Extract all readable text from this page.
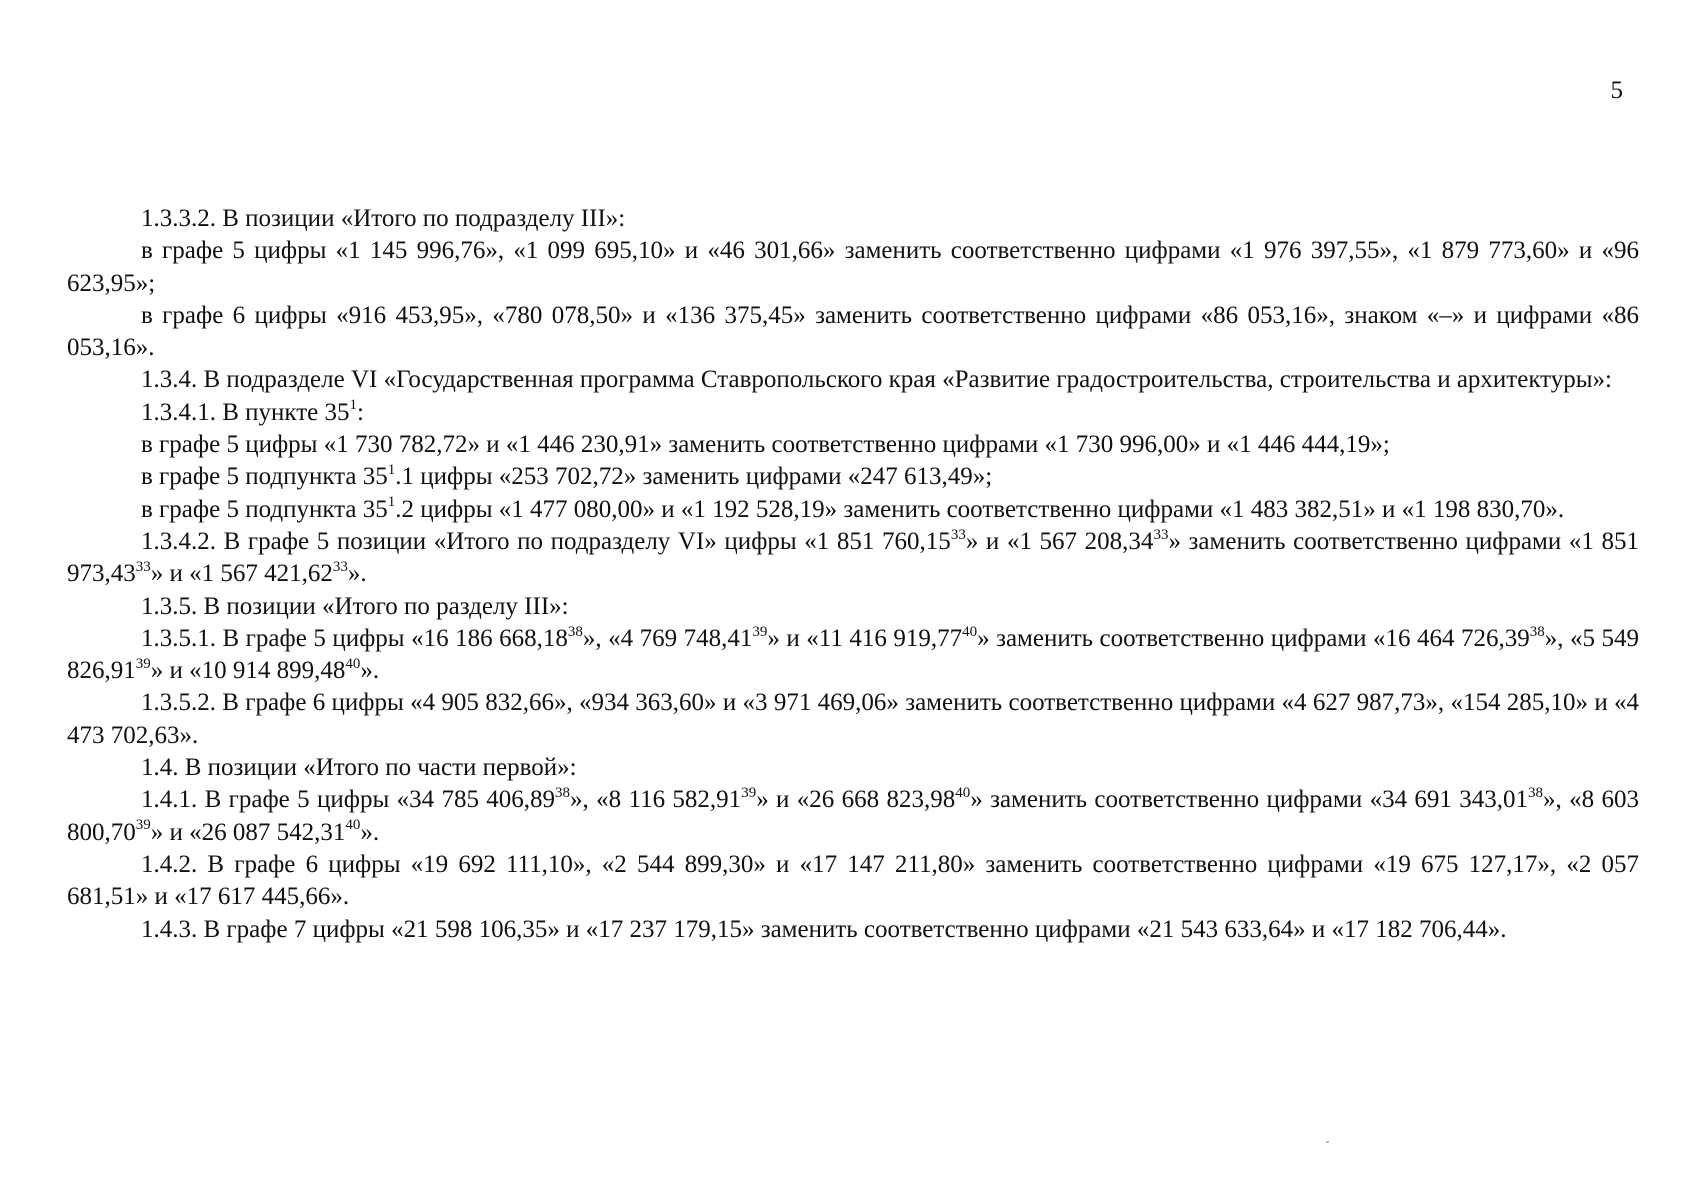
5

1.3.3.2. В позиции «Итого по подразделу III»:

в графе 5 цифры «1 145 996,76», «1 099 695,10» и «46 301,66» заменить соответственно цифрами «1 976 397,55», «1 879 773,60» и «96 623,95»;

в графе 6 цифры «916 453,95», «780 078,50» и «136 375,45» заменить соответственно цифрами «86 053,16», знаком «–» и цифрами «86 053,16».

1.3.4. В подразделе VI «Государственная программа Ставропольского края «Развитие градостроительства, строительства и архитектуры»:

1.3.4.1. В пункте $35^1$:

в графе 5 цифры «1 730 782,72» и «1 446 230,91» заменить соответственно цифрами «1 730 996,00» и «1 446 444,19»;

в графе 5 подпункта $35^1.1$ цифры «253 702,72» заменить цифрами «247 613,49»;

в графе 5 подпункта $35^1.2$ цифры «1 477 080,00» и «1 192 528,19» заменить соответственно цифрами «1 483 382,51» и «1 198 830,70».

1.3.4.2. В графе 5 позиции «Итого по подразделу VI» цифры «1 851 760,15$^{33}$» и «1 567 208,34$^{33}$» заменить соответственно цифрами «1 851 973,43$^{33}$» и «1 567 421,62$^{33}$».

1.3.5. В позиции «Итого по разделу III»:

1.3.5.1. В графе 5 цифры «16 186 668,18$^{38}$», «4 769 748,41$^{39}$» и «11 416 919,77$^{40}$» заменить соответственно цифрами «16 464 726,39$^{38}$», «5 549 826,91$^{39}$» и «10 914 899,48$^{40}$».

1.3.5.2. В графе 6 цифры «4 905 832,66», «934 363,60» и «3 971 469,06» заменить соответственно цифрами «4 627 987,73», «154 285,10» и «4 473 702,63».

1.4. В позиции «Итого по части первой»:

1.4.1. В графе 5 цифры «34 785 406,89$^{38}$», «8 116 582,91$^{39}$» и «26 668 823,98$^{40}$» заменить соответственно цифрами «34 691 343,01$^{38}$», «8 603 800,70$^{39}$» и «26 087 542,31$^{40}$».

1.4.2. В графе 6 цифры «19 692 111,10», «2 544 899,30» и «17 147 211,80» заменить соответственно цифрами «19 675 127,17», «2 057 681,51» и «17 617 445,66».

1.4.3. В графе 7 цифры «21 598 106,35» и «17 237 179,15» заменить соответственно цифрами «21 543 633,64» и «17 182 706,44».
